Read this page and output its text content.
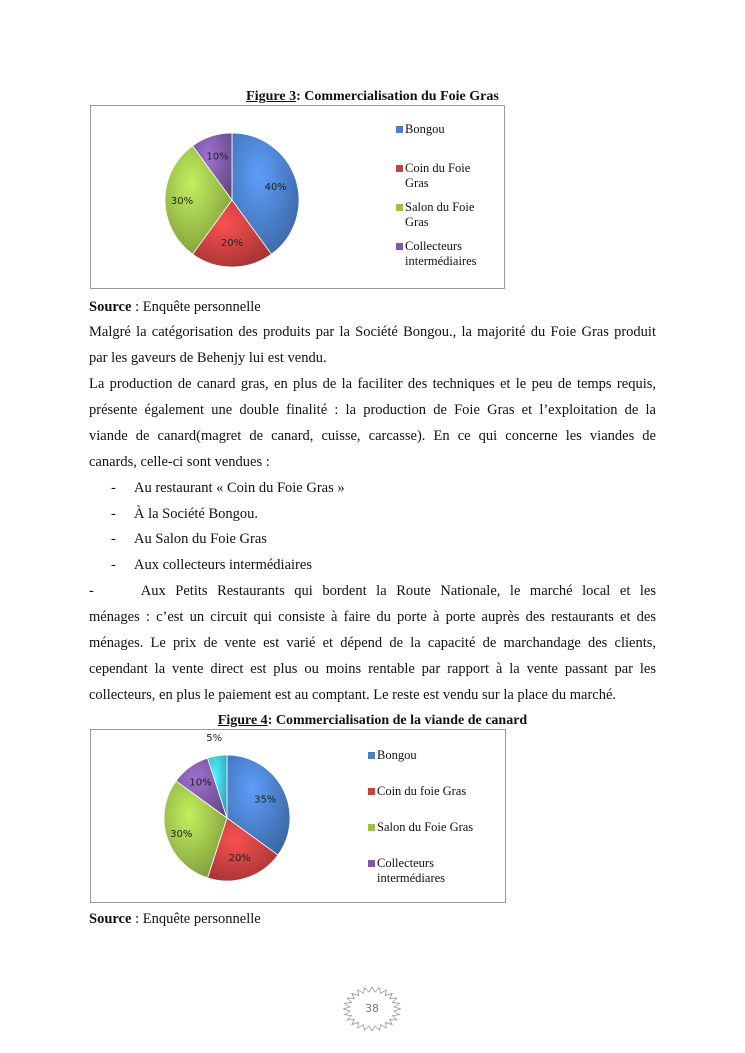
Figure 3: Commercialisation du Foie Gras
40%
20%
30%
10%
Bongou
Coin du Foie
Gras
Salon du Foie
Gras
Collecteurs
intermédiaires
Source : Enquête personnelle
Malgré la catégorisation des produits par la Société Bongou., la majorité du Foie Gras produit
par les gaveurs de Behenjy lui est vendu.
La production de canard gras, en plus de la faciliter des techniques et le peu de temps requis,
présente également une double finalité : la production de Foie Gras et l’exploitation de la
viande de canard(magret de canard, cuisse, carcasse). En ce qui concerne les viandes de
canards, celle-ci sont vendues :
- Au restaurant « Coin du Foie Gras »
- À la Société Bongou.
- Au Salon du Foie Gras
- Aux collecteurs intermédiaires
-     Aux Petits Restaurants qui bordent la Route Nationale, le marché local et les
ménages : c’est un circuit qui consiste à faire du porte à porte auprès des restaurants et des
ménages. Le prix de vente est varié et dépend de la capacité de marchandage des clients,
cependant la vente direct est plus ou moins rentable par rapport à la vente passant par les
collecteurs, en plus le paiement est au comptant. Le reste est vendu sur la place du marché.
Figure 4: Commercialisation de la viande de canard
35%
20%
30%
10%
5%
Bongou
Coin du foie Gras
Salon du Foie Gras
Collecteurs
intermédiares
Source : Enquête personnelle
38
